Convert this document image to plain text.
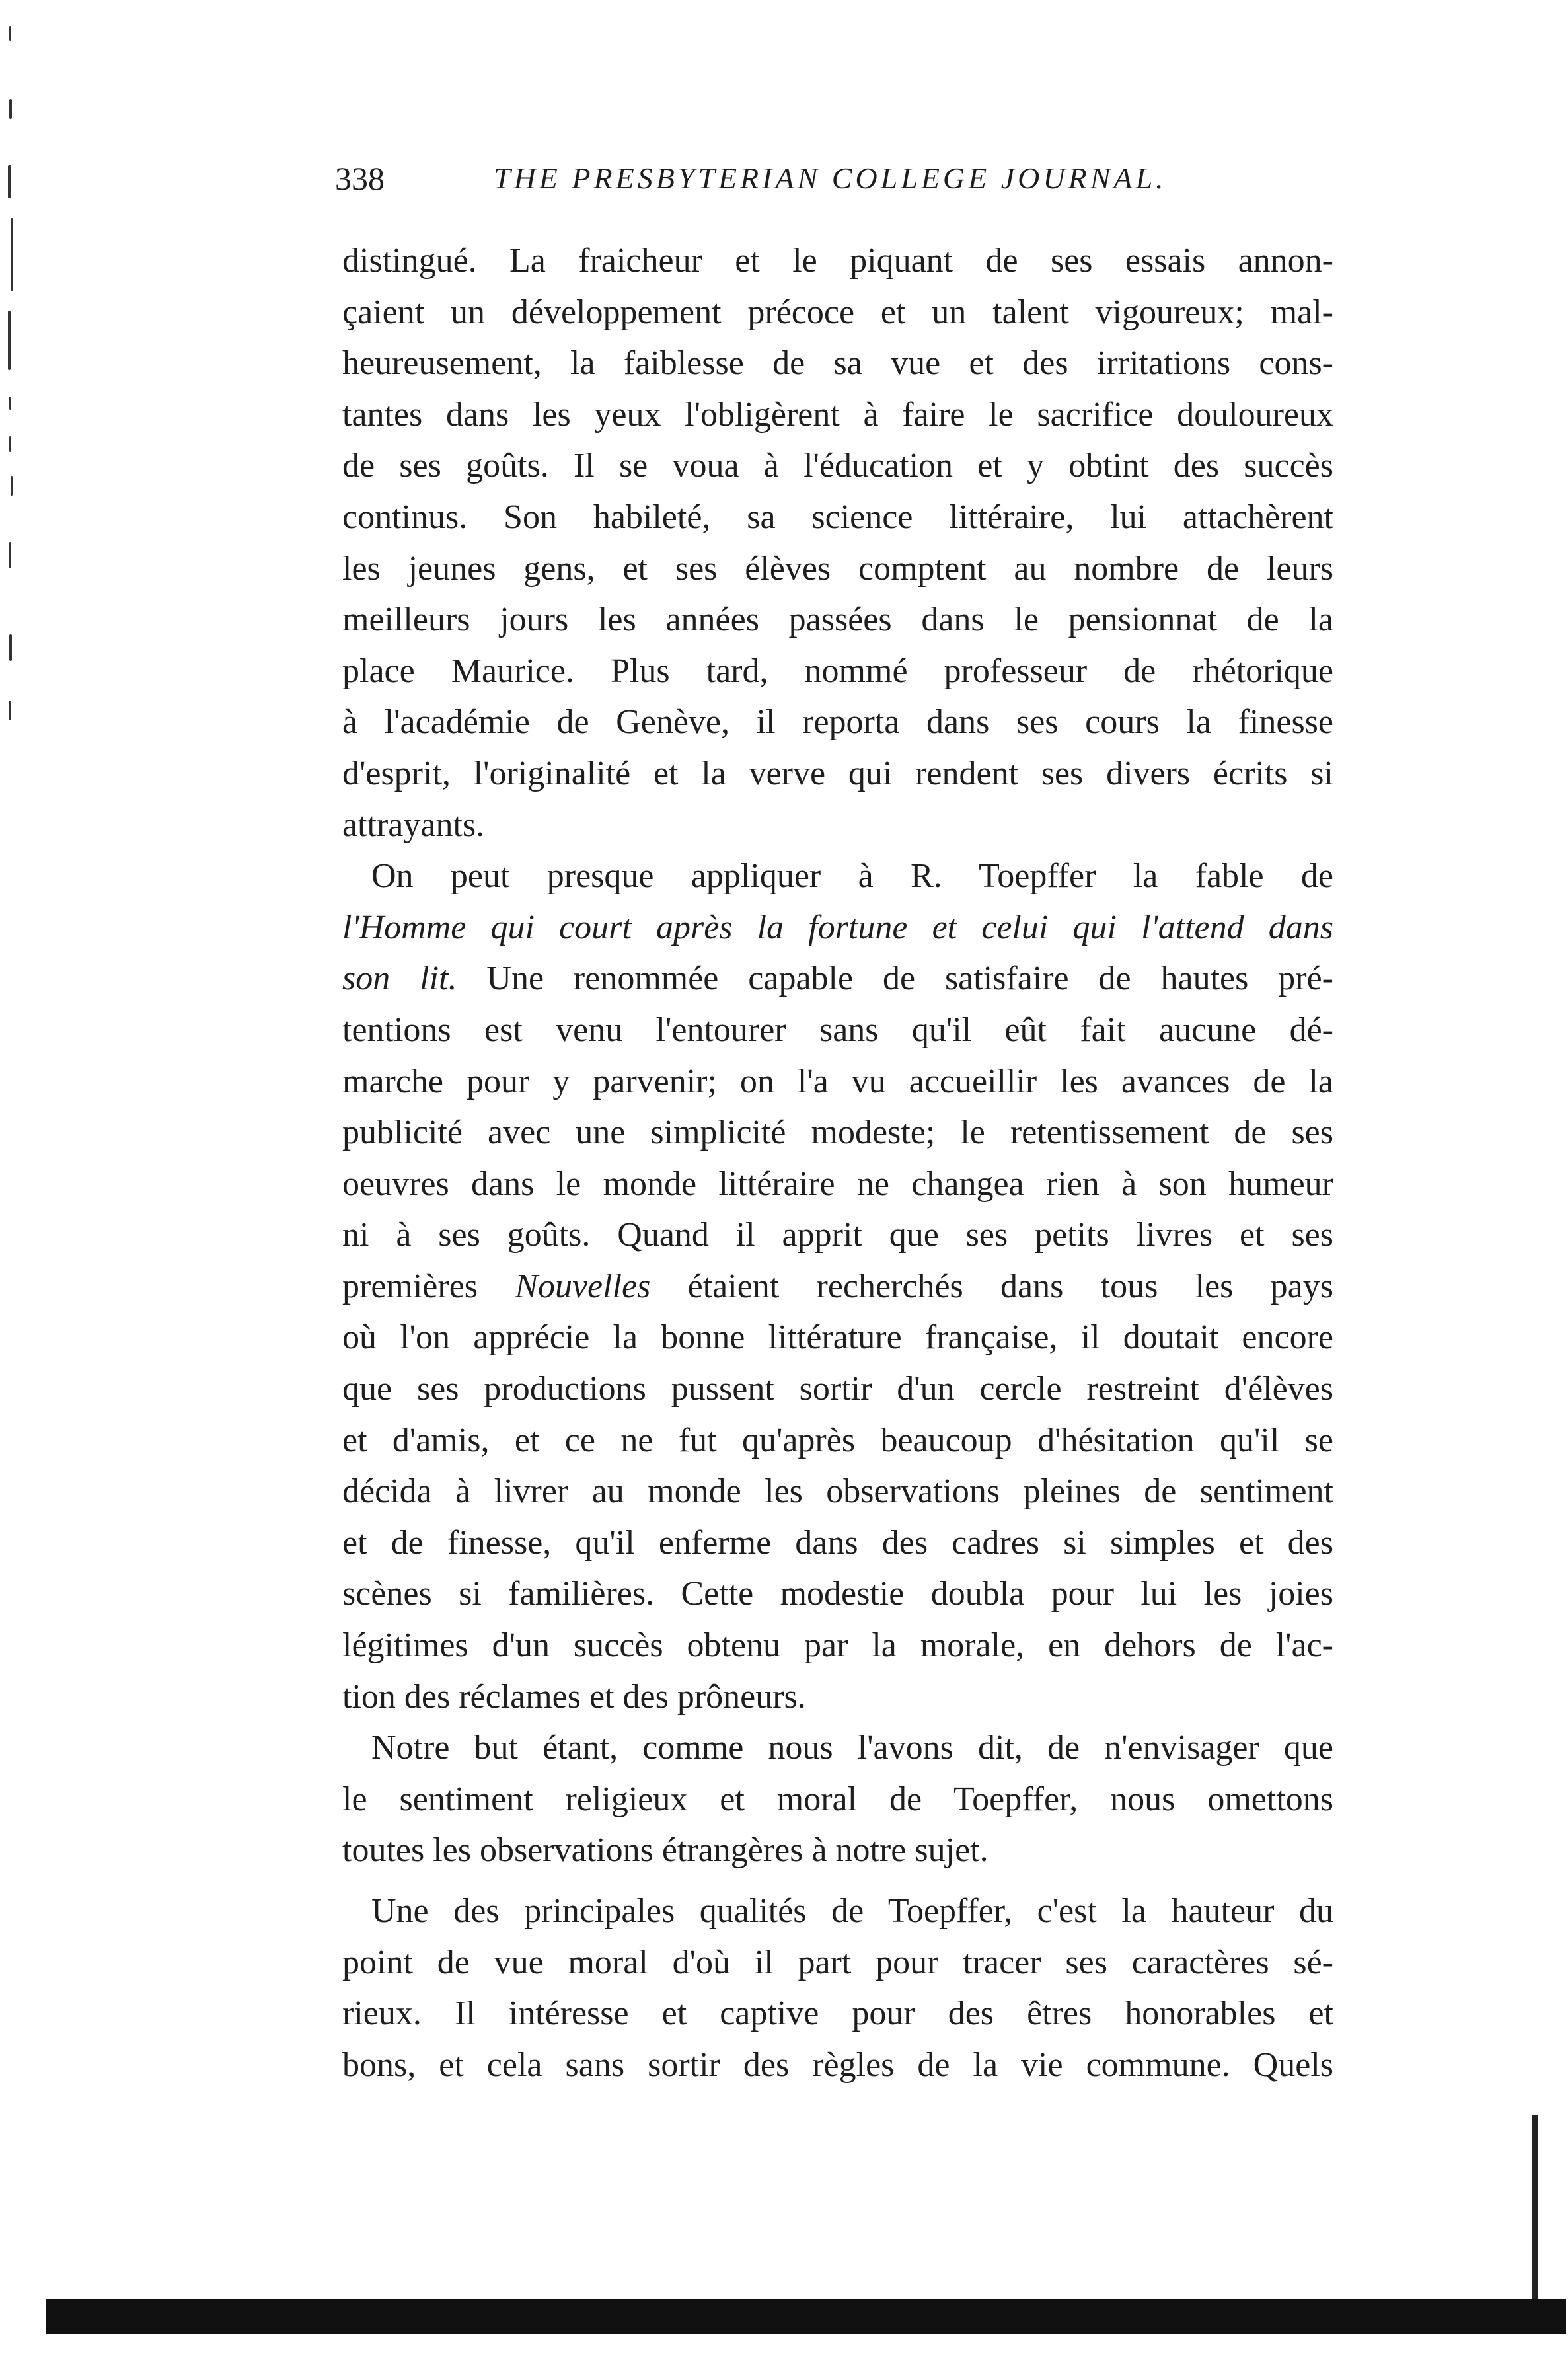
338	THE PRESBYTERIAN COLLEGE JOURNAL.
distingué. La fraicheur et le piquant de ses essais annon-
çaient un développement précoce et un talent vigoureux; mal-
heureusement, la faiblesse de sa vue et des irritations cons-
tantes dans les yeux l'obligèrent à faire le sacrifice douloureux
de ses goûts. Il se voua à l'éducation et y obtint des succès
continus. Son habileté, sa science littéraire, lui attachèrent
les jeunes gens, et ses élèves comptent au nombre de leurs
meilleurs jours les années passées dans le pensionnat de la
place Maurice. Plus tard, nommé professeur de rhétorique
à l'académie de Genève, il reporta dans ses cours la finesse
d'esprit, l'originalité et la verve qui rendent ses divers écrits si
attrayants.
On peut presque appliquer à R. Toepffer la fable de
l'Homme qui court après la fortune et celui qui l'attend dans
son lit. Une renommée capable de satisfaire de hautes pré-
tentions est venu l'entourer sans qu'il eût fait aucune dé-
marche pour y parvenir; on l'a vu accueillir les avances de la
publicité avec une simplicité modeste; le retentissement de ses
oeuvres dans le monde littéraire ne changea rien à son humeur
ni à ses goûts. Quand il apprit que ses petits livres et ses
premières Nouvelles étaient recherchés dans tous les pays
où l'on apprécie la bonne littérature française, il doutait encore
que ses productions pussent sortir d'un cercle restreint d'élèves
et d'amis, et ce ne fut qu'après beaucoup d'hésitation qu'il se
décida à livrer au monde les observations pleines de sentiment
et de finesse, qu'il enferme dans des cadres si simples et des
scènes si familières. Cette modestie doubla pour lui les joies
légitimes d'un succès obtenu par la morale, en dehors de l'ac-
tion des réclames et des prôneurs.
Notre but étant, comme nous l'avons dit, de n'envisager que
le sentiment religieux et moral de Toepffer, nous omettons
toutes les observations étrangères à notre sujet.
Une des principales qualités de Toepffer, c'est la hauteur du
point de vue moral d'où il part pour tracer ses caractères sé-
rieux. Il intéresse et captive pour des êtres honorables et
bons, et cela sans sortir des règles de la vie commune. Quels
